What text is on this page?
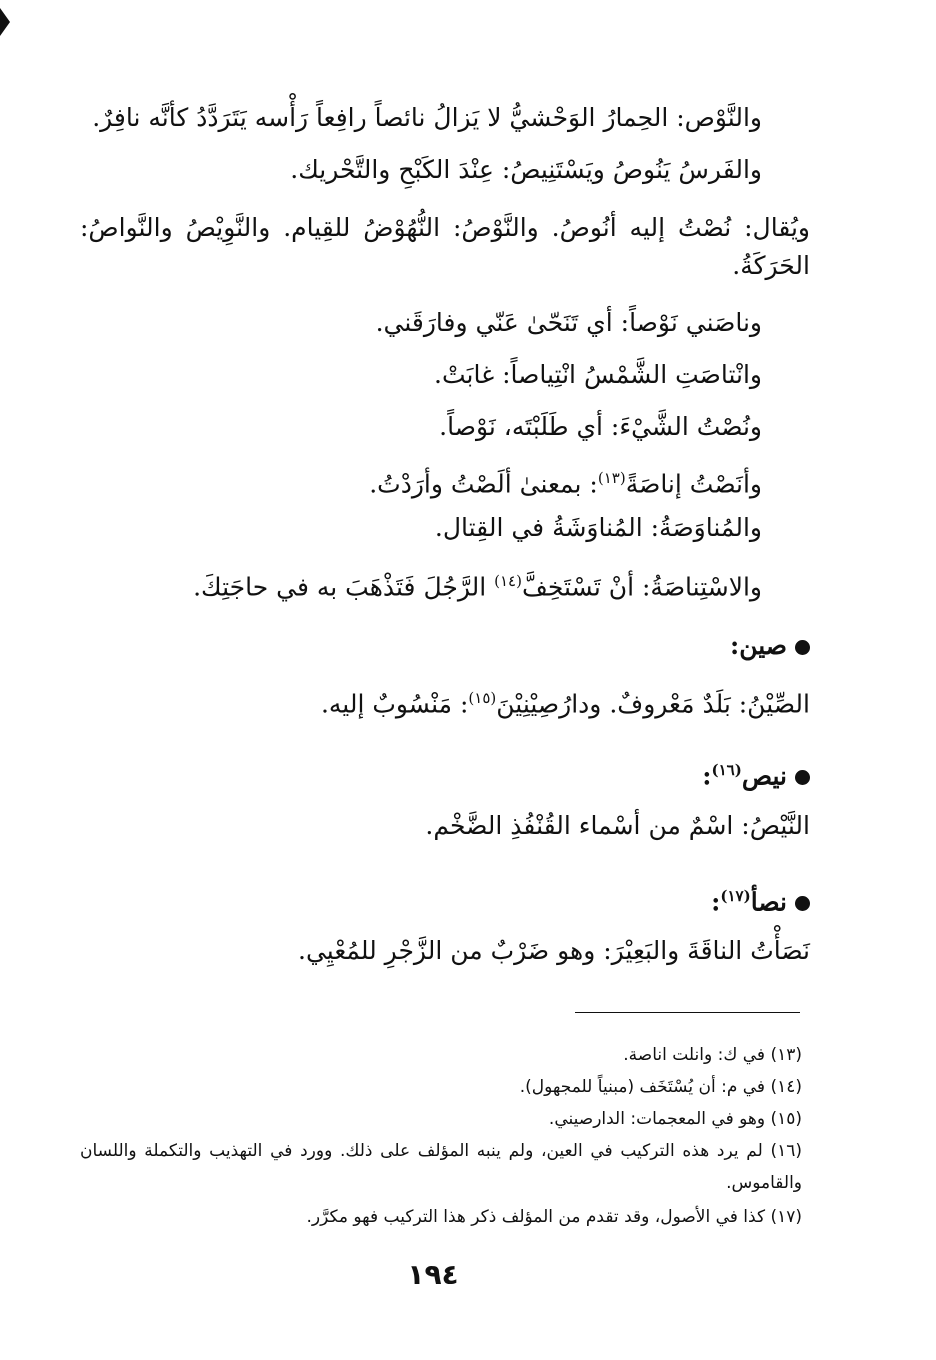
والنَّوْص: الحِمارُ الوَحْشيُّ لا يَزالُ نائصاً رافِعاً رَأْسه يَتَرَدَّدُ كأنَّه نافِرٌ.
والفَرسُ يَنُوصُ ويَسْتَنِيصُ: عِنْدَ الكَبْحِ والتَّحْريك.
ويُقال: نُصْتُ إليه أنُوصُ. والنَّوْصُ: النُّهُوْضُ للقِيام. والنَّوِيْصُ والنَّواصُ:
الحَرَكَةُ.
وناصَني نَوْصاً: أي تَنَحّىٰ عَنّي وفارَقَني.
وانْتاصَتِ الشَّمْسُ انْتِياصاً: غابَتْ.
ونُصْتُ الشَّيْءَ: أي طَلَبْتَه، نَوْصاً.
وأنَصْتُ إناصَةً$^{(١٣)}$: بمعنىٰ ألَصْتُ وأرَدْتُ.
والمُناوَصَةُ: المُناوَشَةُ في القِتال.
والاسْتِناصَةُ: أنْ تَسْتَخِفَّ$^{(١٤)}$ الرَّجُلَ فَتَذْهَبَ به في حاجَتِكَ.
صين:
الصِّيْنُ: بَلَدٌ مَعْروفٌ. ودارُصِيْنِيْنَ$^{(١٥)}$: مَنْسُوبٌ إليه.
نيص$^{(١٦)}$:
النَّيْصُ: اسْمٌ من أسْماء القُنْفُذِ الضَّخْم.
نصأ$^{(١٧)}$:
نَصَأْتُ الناقَةَ والبَعِيْرَ: وهو ضَرْبٌ من الزَّجْرِ للمُعْيِي.
(١٣) في ك: وانلت اناصة.
(١٤) في م: أن يُسْتَخَف (مبنياً للمجهول).
(١٥) وهو في المعجمات: الدارصيني.
(١٦) لم يرد هذه التركيب في العين، ولم ينبه المؤلف على ذلك. وورد في التهذيب والتكملة واللسان
والقاموس.
(١٧) كذا في الأصول، وقد تقدم من المؤلف ذكر هذا التركيب فهو مكرَّر.
١٩٤
